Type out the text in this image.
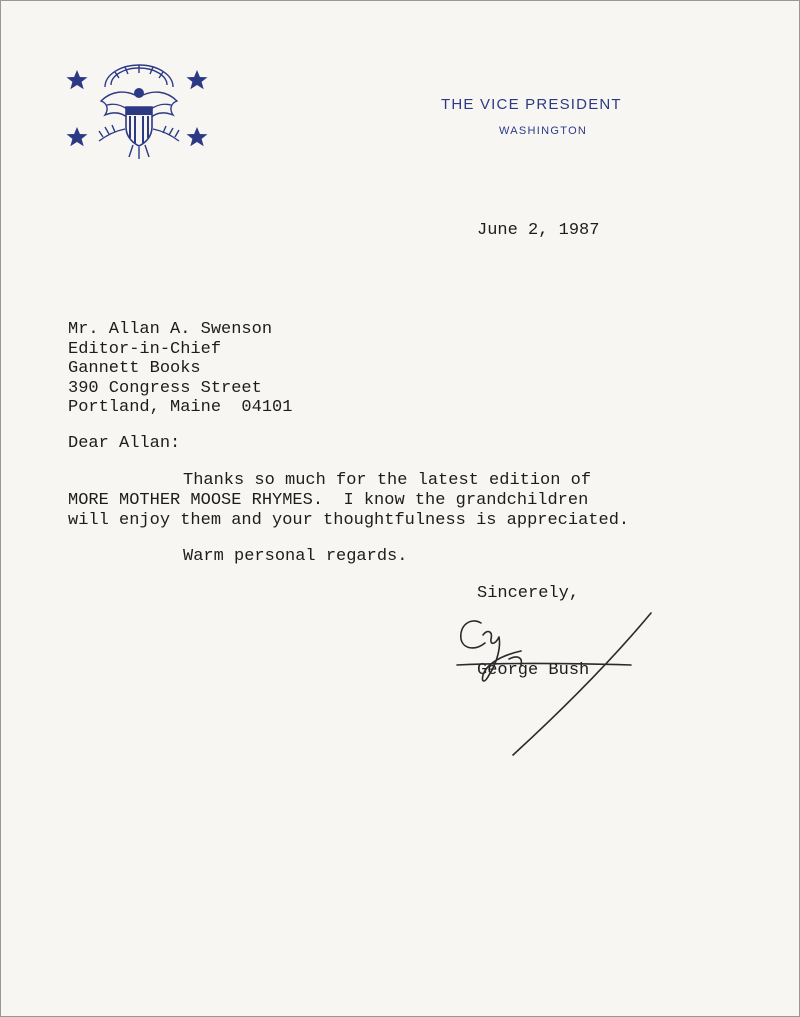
THE VICE PRESIDENT
WASHINGTON
June 2, 1987
Mr. Allan A. Swenson
Editor-in-Chief
Gannett Books
390 Congress Street
Portland, Maine  04101
Dear Allan:
Thanks so much for the latest edition of
MORE MOTHER MOOSE RHYMES.  I know the grandchildren
will enjoy them and your thoughtfulness is appreciated.
Warm personal regards.
Sincerely,
George Bush
